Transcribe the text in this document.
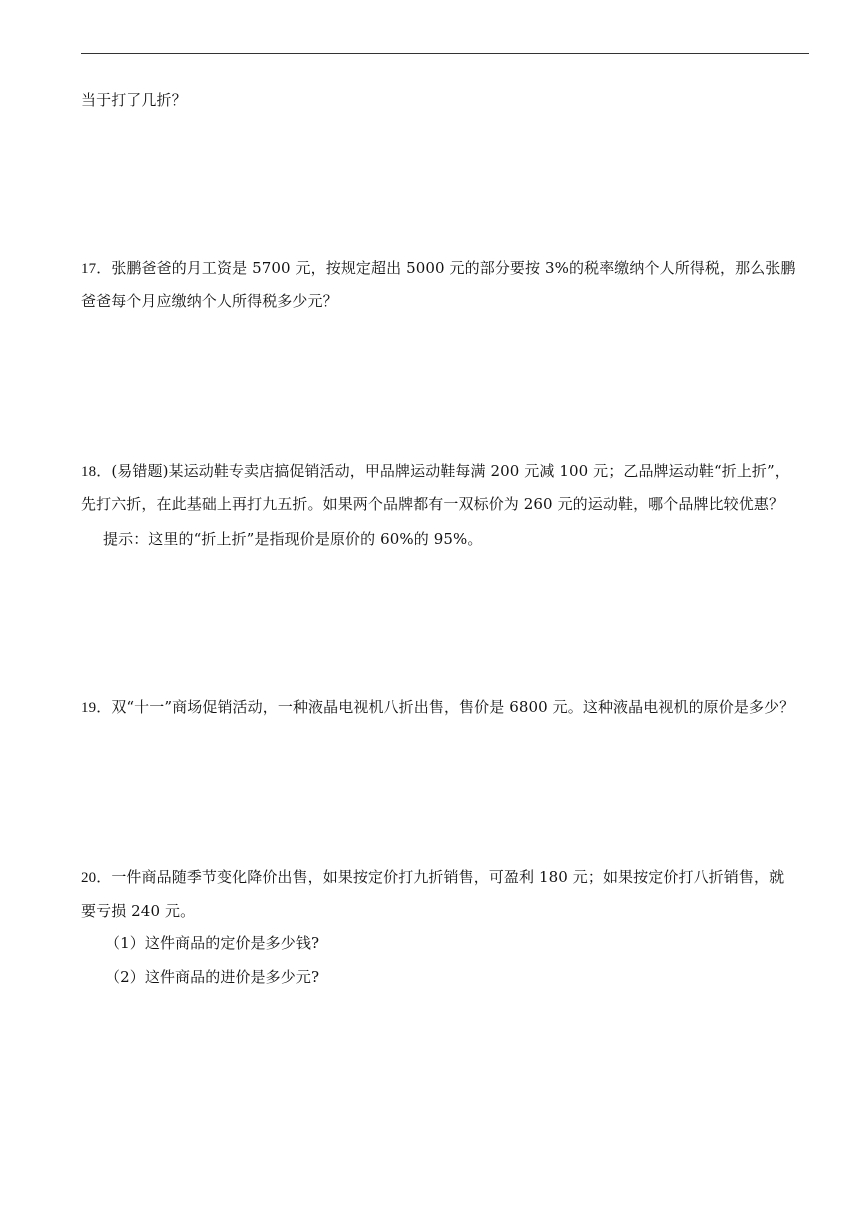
当于打了几折？
17．张鹏爸爸的月工资是 5700 元，按规定超出 5000 元的部分要按 3%的税率缴纳个人所得税，那么张鹏
爸爸每个月应缴纳个人所得税多少元？
18．(易错题)某运动鞋专卖店搞促销活动，甲品牌运动鞋每满 200 元减 100 元；乙品牌运动鞋“折上折”，
先打六折，在此基础上再打九五折。如果两个品牌都有一双标价为 260 元的运动鞋，哪个品牌比较优惠？
提示：这里的“折上折”是指现价是原价的 60%的 95%。
19．双“十一”商场促销活动，一种液晶电视机八折出售，售价是 6800 元。这种液晶电视机的原价是多少？
20．一件商品随季节变化降价出售，如果按定价打九折销售，可盈利 180 元；如果按定价打八折销售，就
要亏损 240 元。
（1）这件商品的定价是多少钱?
（2）这件商品的进价是多少元?
